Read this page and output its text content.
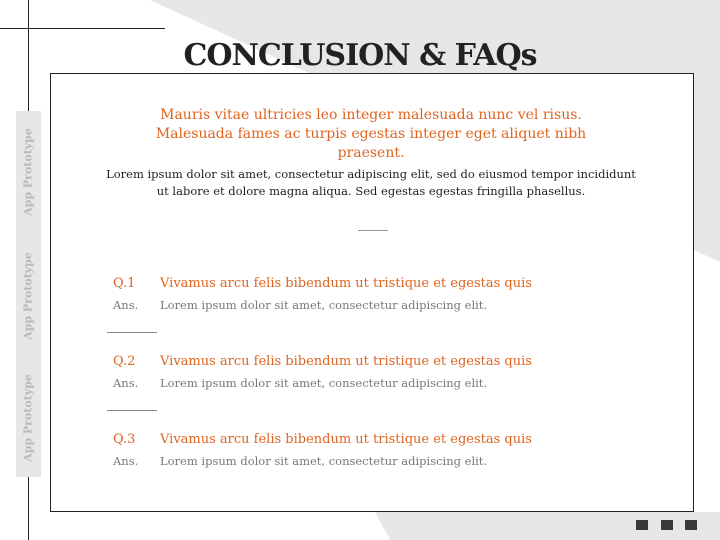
CONCLUSION & FAQs
App Prototype
App Prototype
App Prototype
Mauris vitae ultricies leo integer malesuada nunc vel risus. Malesuada fames ac turpis egestas integer eget aliquet nibh praesent.
Lorem ipsum dolor sit amet, consectetur adipiscing elit, sed do eiusmod tempor incididunt ut labore et dolore magna aliqua. Sed egestas egestas fringilla phasellus.
Q.1 Vivamus arcu felis bibendum ut tristique et egestas quis
Ans. Lorem ipsum dolor sit amet, consectetur adipiscing elit.
Q.2 Vivamus arcu felis bibendum ut tristique et egestas quis
Ans. Lorem ipsum dolor sit amet, consectetur adipiscing elit.
Q.3 Vivamus arcu felis bibendum ut tristique et egestas quis
Ans. Lorem ipsum dolor sit amet, consectetur adipiscing elit.
